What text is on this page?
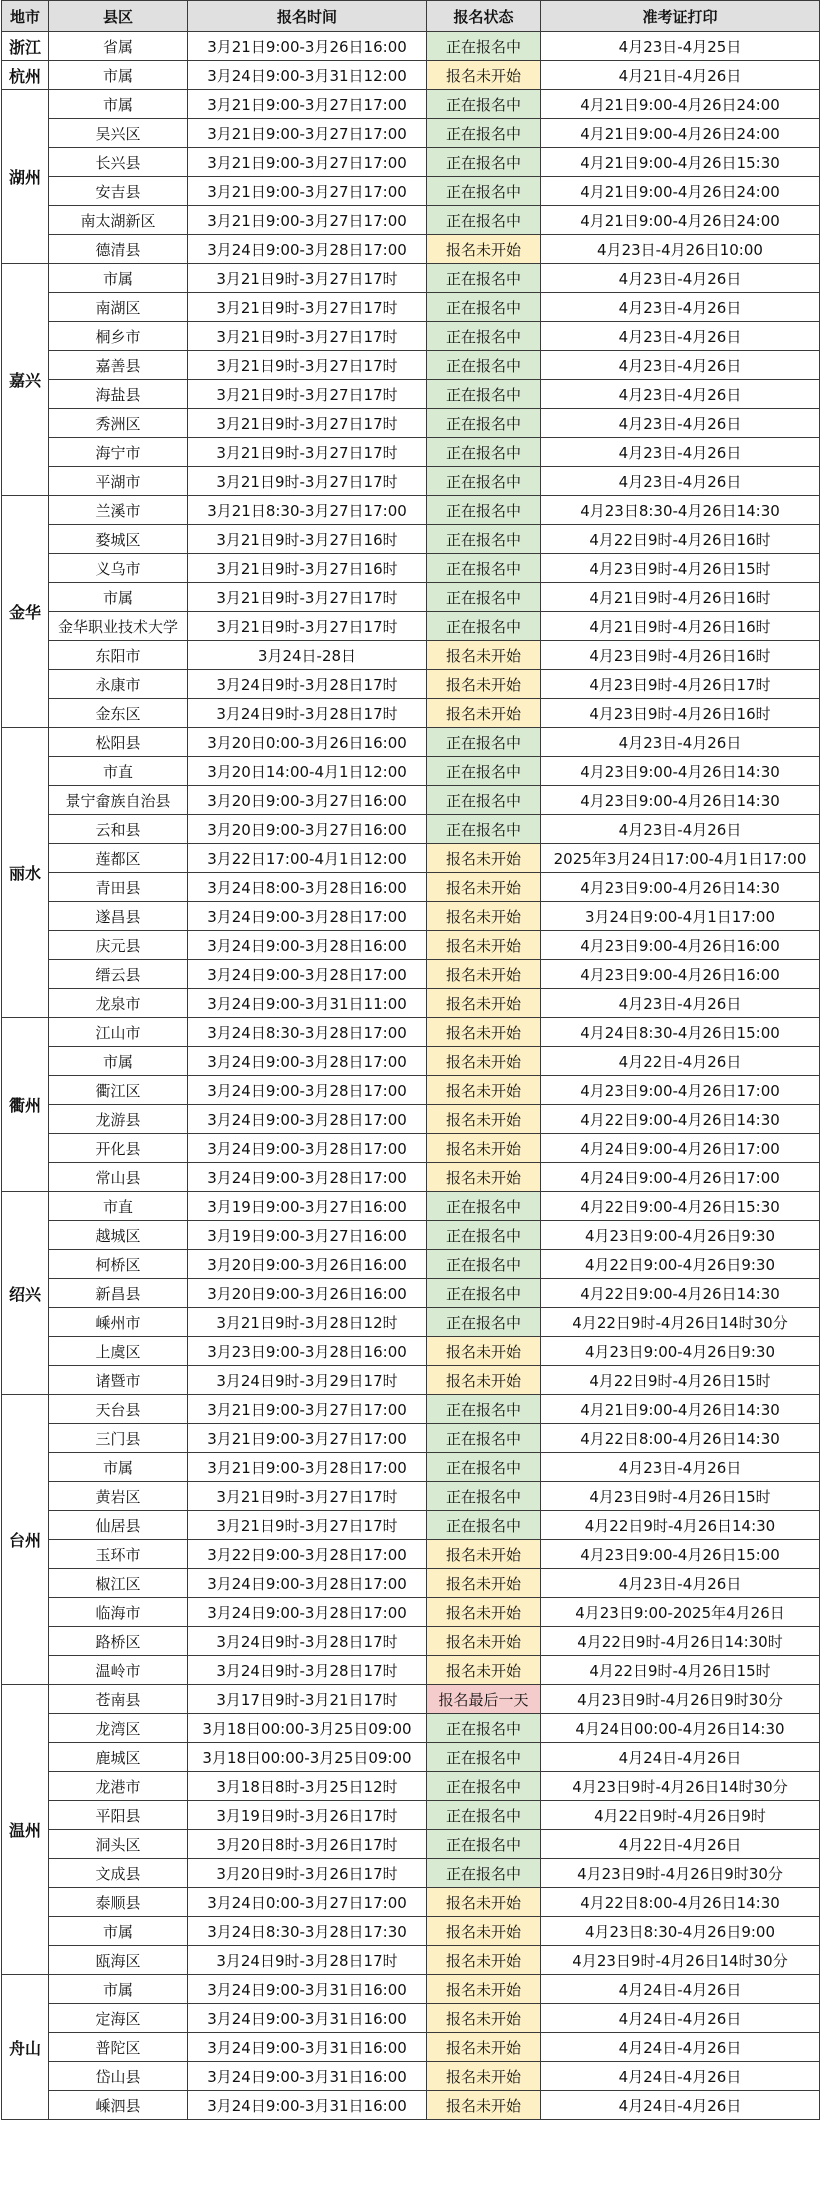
地市	县区	报名时间	报名状态	准考证打印
浙江	省属	3月21日9:00-3月26日16:00	正在报名中	4月23日-4月25日
杭州	市属	3月24日9:00-3月31日12:00	报名未开始	4月21日-4月26日
湖州	市属	3月21日9:00-3月27日17:00	正在报名中	4月21日9:00-4月26日24:00
	吴兴区	3月21日9:00-3月27日17:00	正在报名中	4月21日9:00-4月26日24:00
	长兴县	3月21日9:00-3月27日17:00	正在报名中	4月21日9:00-4月26日15:30
	安吉县	3月21日9:00-3月27日17:00	正在报名中	4月21日9:00-4月26日24:00
	南太湖新区	3月21日9:00-3月27日17:00	正在报名中	4月21日9:00-4月26日24:00
	德清县	3月24日9:00-3月28日17:00	报名未开始	4月23日-4月26日10:00
嘉兴	市属	3月21日9时-3月27日17时	正在报名中	4月23日-4月26日
	南湖区	3月21日9时-3月27日17时	正在报名中	4月23日-4月26日
	桐乡市	3月21日9时-3月27日17时	正在报名中	4月23日-4月26日
	嘉善县	3月21日9时-3月27日17时	正在报名中	4月23日-4月26日
	海盐县	3月21日9时-3月27日17时	正在报名中	4月23日-4月26日
	秀洲区	3月21日9时-3月27日17时	正在报名中	4月23日-4月26日
	海宁市	3月21日9时-3月27日17时	正在报名中	4月23日-4月26日
	平湖市	3月21日9时-3月27日17时	正在报名中	4月23日-4月26日
金华	兰溪市	3月21日8:30-3月27日17:00	正在报名中	4月23日8:30-4月26日14:30
	婺城区	3月21日9时-3月27日16时	正在报名中	4月22日9时-4月26日16时
	义乌市	3月21日9时-3月27日16时	正在报名中	4月23日9时-4月26日15时
	市属	3月21日9时-3月27日17时	正在报名中	4月21日9时-4月26日16时
	金华职业技术大学	3月21日9时-3月27日17时	正在报名中	4月21日9时-4月26日16时
	东阳市	3月24日-28日	报名未开始	4月23日9时-4月26日16时
	永康市	3月24日9时-3月28日17时	报名未开始	4月23日9时-4月26日17时
	金东区	3月24日9时-3月28日17时	报名未开始	4月23日9时-4月26日16时
丽水	松阳县	3月20日0:00-3月26日16:00	正在报名中	4月23日-4月26日
	市直	3月20日14:00-4月1日12:00	正在报名中	4月23日9:00-4月26日14:30
	景宁畲族自治县	3月20日9:00-3月27日16:00	正在报名中	4月23日9:00-4月26日14:30
	云和县	3月20日9:00-3月27日16:00	正在报名中	4月23日-4月26日
	莲都区	3月22日17:00-4月1日12:00	报名未开始	2025年3月24日17:00-4月1日17:00
	青田县	3月24日8:00-3月28日16:00	报名未开始	4月23日9:00-4月26日14:30
	遂昌县	3月24日9:00-3月28日17:00	报名未开始	3月24日9:00-4月1日17:00
	庆元县	3月24日9:00-3月28日16:00	报名未开始	4月23日9:00-4月26日16:00
	缙云县	3月24日9:00-3月28日17:00	报名未开始	4月23日9:00-4月26日16:00
	龙泉市	3月24日9:00-3月31日11:00	报名未开始	4月23日-4月26日
衢州	江山市	3月24日8:30-3月28日17:00	报名未开始	4月24日8:30-4月26日15:00
	市属	3月24日9:00-3月28日17:00	报名未开始	4月22日-4月26日
	衢江区	3月24日9:00-3月28日17:00	报名未开始	4月23日9:00-4月26日17:00
	龙游县	3月24日9:00-3月28日17:00	报名未开始	4月22日9:00-4月26日14:30
	开化县	3月24日9:00-3月28日17:00	报名未开始	4月24日9:00-4月26日17:00
	常山县	3月24日9:00-3月28日17:00	报名未开始	4月24日9:00-4月26日17:00
绍兴	市直	3月19日9:00-3月27日16:00	正在报名中	4月22日9:00-4月26日15:30
	越城区	3月19日9:00-3月27日16:00	正在报名中	4月23日9:00-4月26日9:30
	柯桥区	3月20日9:00-3月26日16:00	正在报名中	4月22日9:00-4月26日9:30
	新昌县	3月20日9:00-3月26日16:00	正在报名中	4月22日9:00-4月26日14:30
	嵊州市	3月21日9时-3月28日12时	正在报名中	4月22日9时-4月26日14时30分
	上虞区	3月23日9:00-3月28日16:00	报名未开始	4月23日9:00-4月26日9:30
	诸暨市	3月24日9时-3月29日17时	报名未开始	4月22日9时-4月26日15时
台州	天台县	3月21日9:00-3月27日17:00	正在报名中	4月21日9:00-4月26日14:30
	三门县	3月21日9:00-3月27日17:00	正在报名中	4月22日8:00-4月26日14:30
	市属	3月21日9:00-3月28日17:00	正在报名中	4月23日-4月26日
	黄岩区	3月21日9时-3月27日17时	正在报名中	4月23日9时-4月26日15时
	仙居县	3月21日9时-3月27日17时	正在报名中	4月22日9时-4月26日14:30
	玉环市	3月22日9:00-3月28日17:00	报名未开始	4月23日9:00-4月26日15:00
	椒江区	3月24日9:00-3月28日17:00	报名未开始	4月23日-4月26日
	临海市	3月24日9:00-3月28日17:00	报名未开始	4月23日9:00-2025年4月26日
	路桥区	3月24日9时-3月28日17时	报名未开始	4月22日9时-4月26日14:30时
	温岭市	3月24日9时-3月28日17时	报名未开始	4月22日9时-4月26日15时
温州	苍南县	3月17日9时-3月21日17时	报名最后一天	4月23日9时-4月26日9时30分
	龙湾区	3月18日00:00-3月25日09:00	正在报名中	4月24日00:00-4月26日14:30
	鹿城区	3月18日00:00-3月25日09:00	正在报名中	4月24日-4月26日
	龙港市	3月18日8时-3月25日12时	正在报名中	4月23日9时-4月26日14时30分
	平阳县	3月19日9时-3月26日17时	正在报名中	4月22日9时-4月26日9时
	洞头区	3月20日8时-3月26日17时	正在报名中	4月22日-4月26日
	文成县	3月20日9时-3月26日17时	正在报名中	4月23日9时-4月26日9时30分
	泰顺县	3月24日0:00-3月27日17:00	报名未开始	4月22日8:00-4月26日14:30
	市属	3月24日8:30-3月28日17:30	报名未开始	4月23日8:30-4月26日9:00
	瓯海区	3月24日9时-3月28日17时	报名未开始	4月23日9时-4月26日14时30分
舟山	市属	3月24日9:00-3月31日16:00	报名未开始	4月24日-4月26日
	定海区	3月24日9:00-3月31日16:00	报名未开始	4月24日-4月26日
	普陀区	3月24日9:00-3月31日16:00	报名未开始	4月24日-4月26日
	岱山县	3月24日9:00-3月31日16:00	报名未开始	4月24日-4月26日
	嵊泗县	3月24日9:00-3月31日16:00	报名未开始	4月24日-4月26日
